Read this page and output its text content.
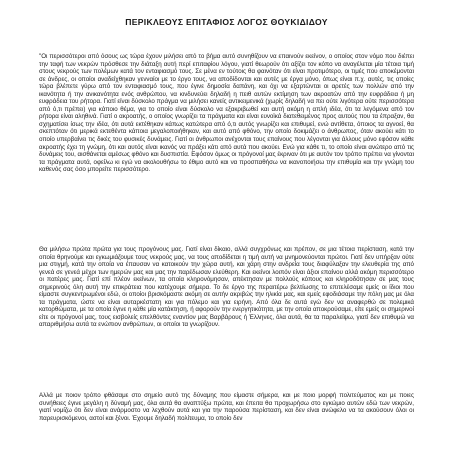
ΠΕΡΙΚΛΕΟΥΣ ΕΠΙΤΑΦΙΟΣ ΛΟΓΟΣ ΘΟΥΚΙΔΙΔΟΥ

"Οι περισσότεροι από όσους ως τώρα έχουν μιλήσει από το βήμα αυτό συνηθίζουν να επαινούν εκείνον, ο οποίος στον νόμο που διέπει την ταφή των νεκρών πρόσθεσε την διάταξη αυτή περί επιταφίου λόγου, γιατί θεωρούν ότι αξίζει τον κόπο να αναγέλεται μία τέτοια τιμή στους νεκρούς των πολέμων κατά τον ενταφιασμό τους. Σε μένα εν τούτοις θα φαινόταν ότι είναι προτιμότερο, οι τιμές που αποκέμονται σε άνδρες, οι οποίοι αναδείχθηκαν γενναίοι με το έργο τους, να αποδίδονται και αυτές με έργα μόνο, όπως είναι π.χ. αυτές, τις οποίες τώρα βλέπετε γύρω από τον ενταφιασμό τους, που έγινε δημοσία δαπάνη, και όχι να εξαρτώνται οι αρετές των πολλών από την ικανότητα ή την ανικανότητα ενός ανθρώπου, να κινδυνεύει δηλαδή η πειθ αυτών εκτίμηση των ακροατών από την ευφράδεια ή μη ευφράδεια του ρήτορα. Γιατί είναι δύσκολο πράγμα να μιλήσει κανείς αντικειμενικά (χωρίς δηλαδή να πει ούτε λιγότερα ούτε περισσότερα από ό,τι πρέπει) για κάποιο θέμα, για το οποίο είναι δύσκολο να εξακριβωθεί και αυτή ακόμη η απλή ιδέα, ότι τα λεγόμενα από τον ρήτορα είναι αληθινά. Γιατί ο ακροατής, ο οποίος γνωρίζει τα πράγματα και είναι ευνοϊκά διατεθειμένος προς αυτούς που τα έπραξαν, θα σχηματίσει ίσως την ιδέα, ότι αυτά εκτέθηκαν κάπως κατώτερα από ό,τι αυτός γνωρίζει και επιθυμεί, ενώ αντίθετα, όποιος τα αγνοεί, θα σκεπτόταν ότι μερικά εκτεθέντα κάποια μεγαλοποιήθηκαν, και αυτό από φθόνο, την οποίο δοκιμάζει ο άνθρωπος, όταν ακούει κάτι το οποίο υπερβαίνει τις δικές του φυσικές δυνάμεις. Γιατί οι άνθρωποι ανέχονται τους επαίνους που λέγονται για άλλους μόνο εφόσον κάθε ακροατής έχει τη γνώμη, ότι και αυτός είναι ικανός να πράξει κάτι από αυτά που ακούει. Ενώ για κάθε τι, το οποίο είναι ανώτερο από τις δυνάμεις του, αισθάνεται αμέσως φθόνο και δυσπιστία. Εφόσον όμως οι πρόγονοί μας έκριναν ότι με αυτόν τον τρόπο πρέπει να γίνονται τα πράγματα αυτά, οφείλω κι εγώ να ακολουθήσω το έθιμο αυτό και να προσπαθήσω να ικανοποιήσω την επιθυμία και την γνώμη του καθενός σας όσο μπορείτε περισσότερο.

Θα μιλήσω πρώτα πρώτα για τους προγόνους μας. Γιατί είναι δίκαιο, αλλά συγχρόνως και πρέπον, σε μια τέτοια περίσταση, κατά την οποία θρηνούμε και εγκωμιάζουμε τους νεκρούς μας, να τους αποδίδεται η τιμή αυτή να μνημονεύονται πρώτοι. Γιατί δεν υπήρξαν ούτε μια στιγμή, κατά την οποία να έπαυσαν να κατοικούν την χώρα αυτή, και χάρη στην ανδρεία τους διαφύλαξαν την ελευθερία της από γενεά σε γενεά μέχρι των ημερών μας και μας την παρέδωσαν ελεύθερη. Και εκείνοι λοιπόν είναι άξιοι επαίνου αλλά ακόμη περισσότερο οι πατέρες μας. Γιατί επί πλέον εκείνων, τα οποία κληρονόμησαν, απέκτησαν με πολλούς κόπους και κληροδότησαν σε μας τους σημερινούς όλη αυτή την επικράτεια που κατέχουμε σήμερα. Το δε έργο της περαιτέρω βελτίωσης το επιτελέσαμε εμείς οι ίδιοι που είμαστε συγκεντρωμένοι εδώ, οι οποίοι βρισκόμαστε ακόμη σε αυτήν ακριβώς την ηλικία μας, και εμείς εφοδιάσαμε την πόλη μας με όλα τα πράγματα, ώστε να είναι αυταρκέστατη και για πόλεμο και για ειρήνη. Από όλα δε αυτά εγώ δεν να αναφερθώ σε πολεμικά κατορθώματα, με τα οποία έγινε η κάθε μία κατάκτηση, ή αφορούν την ενεργητικότητα, με την οποία αποκρούσαμε, είτε εμείς οι σημερινοί είτε οι πρόγονοί μας, τους εισβολείς επελθόντες εναντίον μας Βαρβάρους ή Έλληνες, όλα αυτά, θα τα παραλείψω, γιατί δεν επιθυμώ να απαριθμήσω αυτά τα ενώπιον ανθρώπων, οι οποίοι τα γνωρίζουν.

Αλλά με ποιον τρόπο φθάσαμε στο σημείο αυτό της δύναμης που είμαστε σήμερα, και με ποιο μορφή πολιτεύματος και με ποιες συνήθειες έγινε μεγάλη η δύναμή μας, όλα αυτά θα αναπτύξω πρώτα, και έπειτα θα προχωρήσω στο εγκώμιο αυτών εδώ των νεκρών, γιατί νομίζω ότι δεν είναι ανάρμοστο να λεχθούν αυτά και για την παρούσα περίσταση, και δεν είναι ανώφελο να τα ακούσουν όλοι οι παρευρισκόμενοι, αστοί και ξένοι. Έχουμε δηλαδή πολίτευμα, το οποίο δεν
